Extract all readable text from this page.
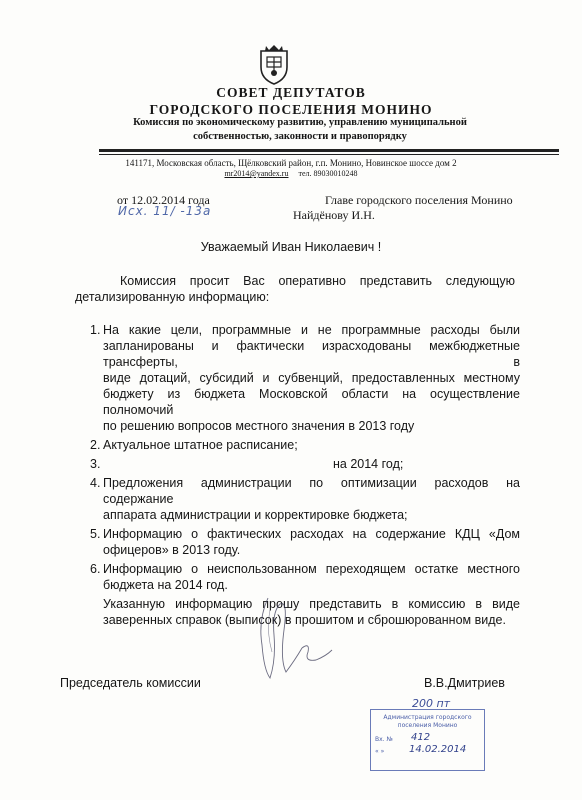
СОВЕТ ДЕПУТАТОВ
ГОРОДСКОГО ПОСЕЛЕНИЯ МОНИНО
Комиссия по экономическому развитию, управлению муниципальной
собственностью, законности и правопорядку
141171, Московская область, Щёлковский район, г.п. Монино, Новинское шоссе дом 2
mr2014@yandex.ru тел. 89030010248
от 12.02.2014 года
Исх. 11/ -13а
Главе городского поселения Монино
Найдёнову И.Н.
Уважаемый Иван Николаевич !
Комиссия просит Вас оперативно представить следующую
детализированную информацию:
1. На какие цели, программные и не программные расходы были
запланированы и фактически израсходованы межбюджетные трансферты, в
виде дотаций, субсидий и субвенций, предоставленных местному
бюджету из бюджета Московской области на осуществление полномочий
по решению вопросов местного значения в 2013 году
2. Актуальное штатное расписание;
3.	на 2014 год;
4. Предложения администрации по оптимизации расходов на содержание
аппарата администрации и корректировке бюджета;
5. Информацию о фактических расходах на содержание КДЦ «Дом
офицеров» в 2013 году.
6. Информацию о неиспользованном переходящем остатке местного
бюджета на 2014 год.
Указанную информацию прошу представить в комиссию в виде
заверенных справок (выписок) в прошитом и сброшюрованном виде.
Председатель комиссии	В.В.Дмитриев
200 пт
Администрация городского
поселения Монино
Вх. № 412
« » 14.02.2014
